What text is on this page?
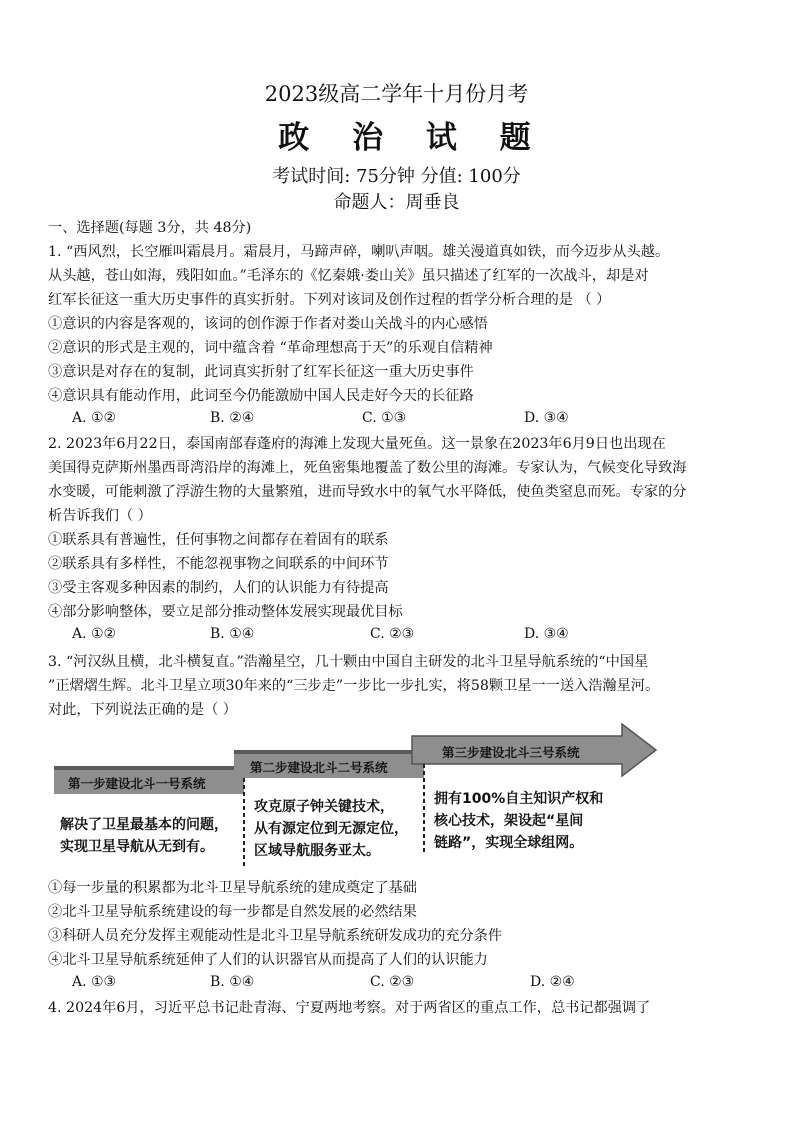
2023级高二学年十月份月考
政 治 试 题
考试时间: 75分钟 分值: 100分
命题人：周垂良
一、选择题(每题 3分，共 48分)
1. “西风烈，长空雁叫霜晨月。霜晨月，马蹄声碎，喇叭声咽。雄关漫道真如铁，而今迈步从头越。
从头越，苍山如海，残阳如血。”毛泽东的《忆秦娥·娄山关》虽只描述了红军的一次战斗，却是对
红军长征这一重大历史事件的真实折射。下列对该词及创作过程的哲学分析合理的是 （ ）
①意识的内容是客观的，该词的创作源于作者对娄山关战斗的内心感悟
②意识的形式是主观的，词中蕴含着 “革命理想高于天”的乐观自信精神
③意识是对存在的复制，此词真实折射了红军长征这一重大历史事件
④意识具有能动作用，此词至今仍能激励中国人民走好今天的长征路
A. ①②	B. ②④	C. ①③	D. ③④
2. 2023年6月22日，泰国南部春蓬府的海滩上发现大量死鱼。这一景象在2023年6月9日也出现在
美国得克萨斯州墨西哥湾沿岸的海滩上，死鱼密集地覆盖了数公里的海滩。专家认为，气候变化导致海
水变暖，可能刺激了浮游生物的大量繁殖，进而导致水中的氧气水平降低，使鱼类窒息而死。专家的分
析告诉我们（ ）
①联系具有普遍性，任何事物之间都存在着固有的联系
②联系具有多样性，不能忽视事物之间联系的中间环节
③受主客观多种因素的制约，人们的认识能力有待提高
④部分影响整体，要立足部分推动整体发展实现最优目标
A. ①②	B. ①④	C. ②③	D. ③④
3. “河汉纵且横，北斗横复直。”浩瀚星空，几十颗由中国自主研发的北斗卫星导航系统的“中国星
”正熠熠生辉。北斗卫星立项30年来的“三步走”一步比一步扎实，将58颗卫星一一送入浩瀚星河。
对此，下列说法正确的是（ ）
第一步建设北斗一号系统
第二步建设北斗二号系统
第三步建设北斗三号系统
解决了卫星最基本的问题，
实现卫星导航从无到有。
攻克原子钟关键技术，
从有源定位到无源定位，
区域导航服务亚太。
拥有100%自主知识产权和
核心技术，架设起“星间
链路”，实现全球组网。
①每一步量的积累都为北斗卫星导航系统的建成奠定了基础
②北斗卫星导航系统建设的每一步都是自然发展的必然结果
③科研人员充分发挥主观能动性是北斗卫星导航系统研发成功的充分条件
④北斗卫星导航系统延伸了人们的认识器官从而提高了人们的认识能力
A. ①③	B. ①④	C. ②③	D. ②④
4. 2024年6月，习近平总书记赴青海、宁夏两地考察。对于两省区的重点工作，总书记都强调了
